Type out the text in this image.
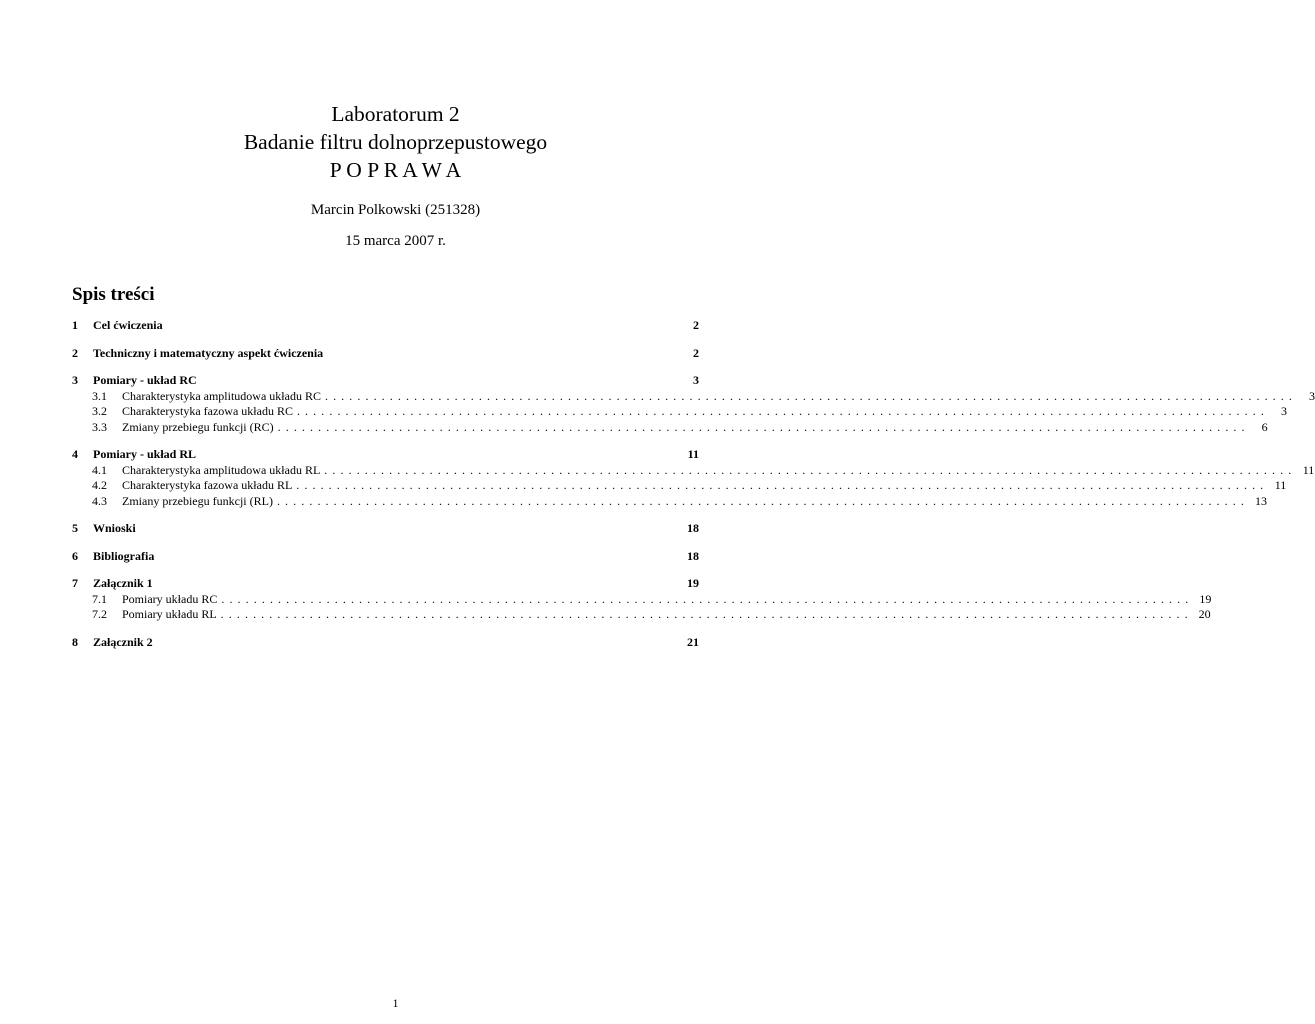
Laboratorum 2
Badanie filtru dolnoprzepustowego
P O P R A W A
Marcin Polkowski (251328)
15 marca 2007 r.
Spis treści
1	Cel ćwiczenia	2
2	Techniczny i matematyczny aspekt ćwiczenia	2
3	Pomiary - układ RC	3
3.1	Charakterystyka amplitudowa układu RC ........................................................................................................................	3
3.2	Charakterystyka fazowa układu RC ........................................................................................................................	3
3.3	Zmiany przebiegu funkcji (RC) ........................................................................................................................	6
4	Pomiary - układ RL	11
4.1	Charakterystyka amplitudowa układu RL ........................................................................................................................ 11
4.2	Charakterystyka fazowa układu RL ........................................................................................................................ 11
4.3	Zmiany przebiegu funkcji (RL) ........................................................................................................................ 13
5	Wnioski	18
6	Bibliografia	18
7	Załącznik 1	19
7.1	Pomiary układu RC ........................................................................................................................ 19
7.2	Pomiary układu RL ........................................................................................................................ 20
8	Załącznik 2	21
1
